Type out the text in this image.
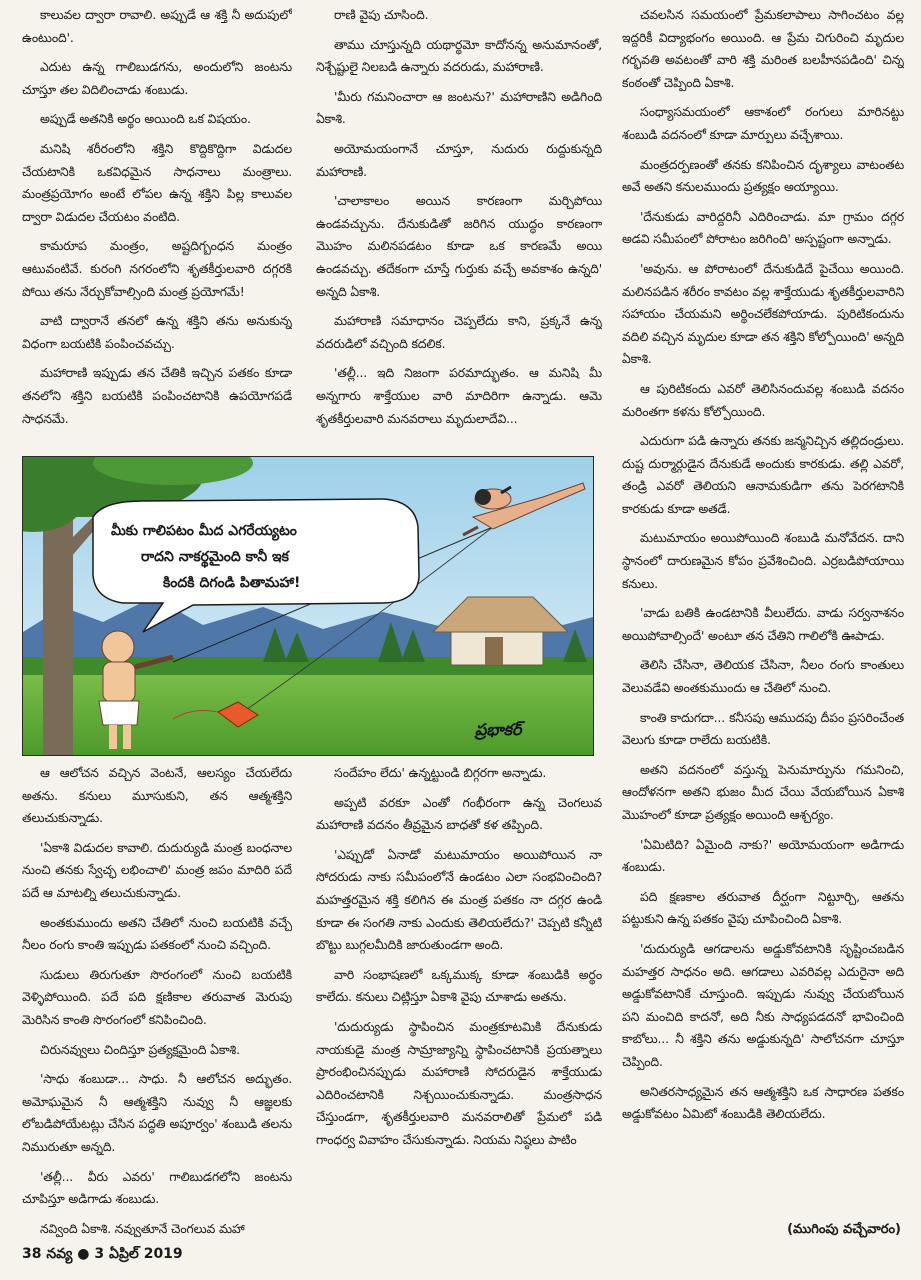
కాలువల ద్వారా రావాలి. అప్పుడే ఆ శక్తి నీ అదుపులో ఉంటుంది'.

ఎదుట ఉన్న గాలిబుడగను, అందులోని జంటను చూస్తూ తల విదిలించాడు శంబుడు.

అప్పుడే అతనికి అర్థం అయింది ఒక విషయం.

మనిషి శరీరంలోని శక్తిని కొద్దికొద్దిగా విడుదల చేయటానికి ఒకవిధమైన సాధనాలు మంత్రాలు. మంత్రప్రయోగం అంటే లోపల ఉన్న శక్తిని పిల్ల కాలువల ద్వారా విడుదల చేయటం వంటిది.

కామరూప మంత్రం, అష్టదిగ్బంధన మంత్రం ఆటువంటివే. కురంగి నగరంలోని శృతకీర్తులవారి దగ్గరకి పోయి తను నేర్చుకోవాల్సింది మంత్ర ప్రయోగమే!

వాటి ద్వారానే తనలో ఉన్న శక్తిని తను అనుకున్న విధంగా బయటికి పంపించవచ్చు.

మహారాణి ఇప్పుడు తన చేతికి ఇచ్చిన పతకం కూడా తనలోని శక్తిని బయటికి పంపించటానికి ఉపయోగపడే సాధనమే.

రాణి వైపు చూసింది.

తాము చూస్తున్నది యథార్థమో కాదోనన్న అనుమానంతో, నిశ్చేష్టులై నిలబడి ఉన్నారు వదరుడు, మహారాణి.

'మీరు గమనించారా ఆ జంటను?' మహారాణిని అడిగింది ఏకాశి.

అయోమయంగానే చూస్తూ, నుదురు రుద్దుకున్నది మహారాణి.

'చాలాకాలం అయిన కారణంగా మర్చిపోయి ఉండవచ్చును. దేనుకుడితో జరిగిన యుద్ధం కారణంగా మొహం మలినపడటం కూడా ఒక కారణమే అయి ఉండవచ్చు. తదేకంగా చూస్తే గుర్తుకు వచ్చే అవకాశం ఉన్నది' అన్నది ఏకాశి.

మహారాణి సమాధానం చెప్పలేదు కాని, ప్రక్కనే ఉన్న వదరుడిలో వచ్చింది కదలిక.

'తల్లీ... ఇది నిజంగా పరమాద్భుతం. ఆ మనిషి మీ అన్నగారు శాక్తేయుల వారి మాదిరిగా ఉన్నాడు. ఆమె శృతకీర్తులవారి మనవరాలు మృదులాదేవి...

చవలసిన సమయంలో ప్రేమకలాపాలు సాగించటం వల్ల ఇద్దరికీ విద్యాభంగం అయింది. ఆ ప్రేమ చిగురించి మృదుల గర్భవతి అవటంతో వారి శక్తి మరింత బలహీనపడింది' చిన్న కంఠంతో చెప్పింది ఏకాశి.

సంధ్యాసమయంలో ఆకాశంలో రంగులు మారినట్టు శంబుడి వదనంలో కూడా మార్పులు వచ్చేశాయి.

మంత్రదర్పణంతో తనకు కనిపించిన దృశ్యాలు వాటంతట అవే అతని కనులముందు ప్రత్యక్షం అయ్యాయి.

'దేనుకుడు వారిద్దరినీ ఎదిరించాడు. మా గ్రామం దగ్గర అడవి సమీపంలో పోరాటం జరిగింది' అస్పష్టంగా అన్నాడు.

'అవును. ఆ పోరాటంలో దేనుకుడిదే పైచేయి అయింది. మలినపడిన శరీరం కావటం వల్ల శాక్తేయుడు శృతకీర్తులవారిని సహాయం చేయమని అర్థించలేకపోయాడు. పురిటికందును వదిలి వచ్చిన మృదుల కూడా తన శక్తిని కోల్పోయింది' అన్నది ఏకాశి.

ఆ పురిటికందు ఎవరో తెలిసినందువల్ల శంబుడి వదనం మరింతగా కళను కోల్పోయింది.

ఎదురుగా పడి ఉన్నారు తనకు జన్మనిచ్చిన తల్లిదండ్రులు. దుష్ట దుర్మార్గుడైన దేనుకుడే అందుకు కారకుడు. తల్లి ఎవరో, తండ్రి ఎవరో తెలియని ఆనామకుడిగా తను పెరగటానికి కారకుడు కూడా అతడే.

మటుమాయం అయిపోయింది శంబుడి మనోవేదన. దాని స్థానంలో దారుణమైన కోపం ప్రవేశించింది. ఎర్రబడిపోయాయి కనులు.

'వాడు బతికి ఉండటానికి వీలులేదు. వాడు సర్వనాశనం అయిపోవాల్సిందే' అంటూ తన చేతిని గాలిలోకి ఊపాడు.

తెలిసి చేసినా, తెలియక చేసినా, నీలం రంగు కాంతులు వెలువడేవి అంతకుముందు ఆ చేతిలో నుంచి.

కాంతి కాదుగదా... కనీసపు ఆముదపు దీపం ప్రసరించేంత వెలుగు కూడా రాలేదు బయటికి.

అతని వదనంలో వస్తున్న పెనుమార్పును గమనించి, ఆందోళనగా అతని భుజం మీద చేయి వేయబోయిన ఏకాశి మొహంలో కూడా ప్రత్యక్షం అయింది ఆశ్చర్యం.

'ఏమిటిది? ఏమైంది నాకు?' అయోమయంగా అడిగాడు శంబుడు.

పది క్షణకాల తరువాత దీర్ఘంగా నిట్టూర్చి, ఆతను పట్టుకుని ఉన్న పతకం వైపు చూపించింది ఏకాశి.

'దుదుర్యుడి ఆగడాలను అడ్డుకోవటానికి సృష్టించబడిన మహత్తర సాధనం అది. ఆగడాలు ఎవరివల్ల ఎదురైనా అది అడ్డుకోవటానికే చూస్తుంది. ఇప్పుడు నువ్వు చేయబోయిన పని మంచిది కాదనో, అది నీకు సాధ్యపడదనో భావించింది కాబోలు... నీ శక్తిని తను అడ్డుకున్నది' సాలోచనగా చూస్తూ చెప్పింది.

అనితరసాధ్యమైన తన ఆత్మశక్తిని ఒక సాధారణ పతకం అడ్డుకోవటం ఏమిటో శంబుడికి తెలియలేదు.

మీకు గాలిపటం మీద ఎగరేయ్యటం
రాదని నాకర్థమైంది కానీ ఇక
కిందకి దిగండి పితామహా!
ప్రభాకర్

ఆ ఆలోచన వచ్చిన వెంటనే, ఆలస్యం చేయలేదు అతను. కనులు మూసుకుని, తన ఆత్మశక్తిని తలుచుకున్నాడు.

'ఏకాశి విడుదల కావాలి. దుదుర్యుడి మంత్ర బంధనాల నుంచి తనకు స్వేచ్ఛ లభించాలి' మంత్ర జపం మాదిరి పదే పదే ఆ మాటల్ని తలుచుకున్నాడు.

అంతకుముందు అతని చేతిలో నుంచి బయటికి వచ్చే నీలం రంగు కాంతి ఇప్పుడు పతకంలో నుంచి వచ్చింది.

సుడులు తిరుగుతూ సొరంగంలో నుంచి బయటికి వెళ్ళిపోయింది. పదే పది క్షణికాల తరువాత మెరుపు మెరిసిన కాంతి సొరంగంలో కనిపించింది.

చిరునవ్వులు చిందిస్తూ ప్రత్యక్షమైంది ఏకాశి.

'సాధు శంబుడా... సాధు. నీ ఆలోచన అద్భుతం. అమోఘమైన నీ ఆత్మశక్తిని నువ్వు నీ ఆజ్ఞలకు లోబడిపోయేటట్లు చేసిన పద్ధతి అపూర్వం' శంబుడి తలను నిమురుతూ అన్నది.

'తల్లీ... వీరు ఎవరు' గాలిబుడగలోని జంటను చూపిస్తూ అడిగాడు శంబుడు.

నవ్వింది ఏకాశి. నవ్వుతూనే చెంగలువ మహా

సందేహం లేదు' ఉన్నట్టుండి బిగ్గరగా అన్నాడు.

అప్పటి వరకూ ఎంతో గంభీరంగా ఉన్న చెంగలువ మహారాణి వదనం తీవ్రమైన బాధతో కళ తప్పింది.

'ఎప్పుడో ఏనాడో మటుమాయం అయిపోయిన నా సోదరుడు నాకు సమీపంలోనే ఉండటం ఎలా సంభవించింది? మహత్తరమైన శక్తి కలిగిన ఈ మంత్ర పతకం నా దగ్గర ఉండి కూడా ఈ సంగతి నాకు ఎందుకు తెలియలేదు?' చెప్పటి కన్నీటి బొట్టు బుగ్గలమీదికి జారుతుండగా అంది.

వారి సంభాషణలో ఒక్కముక్క కూడా శంబుడికి అర్థం కాలేదు. కనులు చిట్లిస్తూ ఏకాశి వైపు చూశాడు అతను.

'దుదుర్యుడు స్థాపించిన మంత్రకూటమికి దేనుకుడు నాయకుడై మంత్ర సామ్రాజ్యాన్ని స్థాపించటానికి ప్రయత్నాలు ప్రారంభించినప్పుడు మహారాణి సోదరుడైన శాక్తేయుడు ఎదిరించటానికి నిశ్చయించుకున్నాడు. మంత్రసాధన చేస్తుండగా, శృతకీర్తులవారి మనవరాలితో ప్రేమలో పడి గాంధర్వ వివాహం చేసుకున్నాడు. నియమ నిష్ఠలు పాటిం

(ముగింపు వచ్చేవారం)
38 నవ్య ● 3 ఏప్రిల్ 2019
